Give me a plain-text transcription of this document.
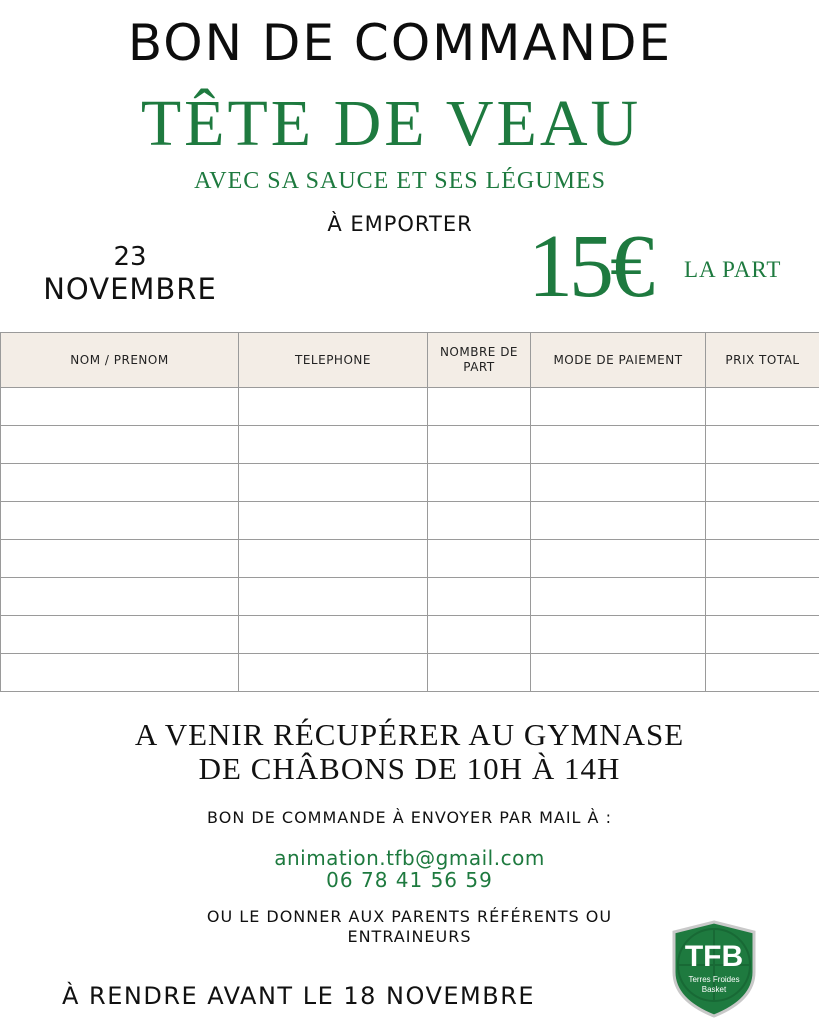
BON DE COMMANDE
TÊTE DE VEAU
AVEC SA SAUCE ET SES LÉGUMES
À EMPORTER
23
NOVEMBRE	15€ LA PART
NOM / PRENOM	TELEPHONE	NOMBRE DE PART	MODE DE PAIEMENT	PRIX TOTAL

A VENIR RÉCUPÉRER AU GYMNASE
DE CHÂBONS DE 10H À 14H
BON DE COMMANDE À ENVOYER PAR MAIL À :
animation.tfb@gmail.com
06 78 41 56 59
OU LE DONNER AUX PARENTS RÉFÉRENTS OU
ENTRAINEURS
À RENDRE AVANT LE 18 NOVEMBRE
TFB
Terres Froides
Basket
